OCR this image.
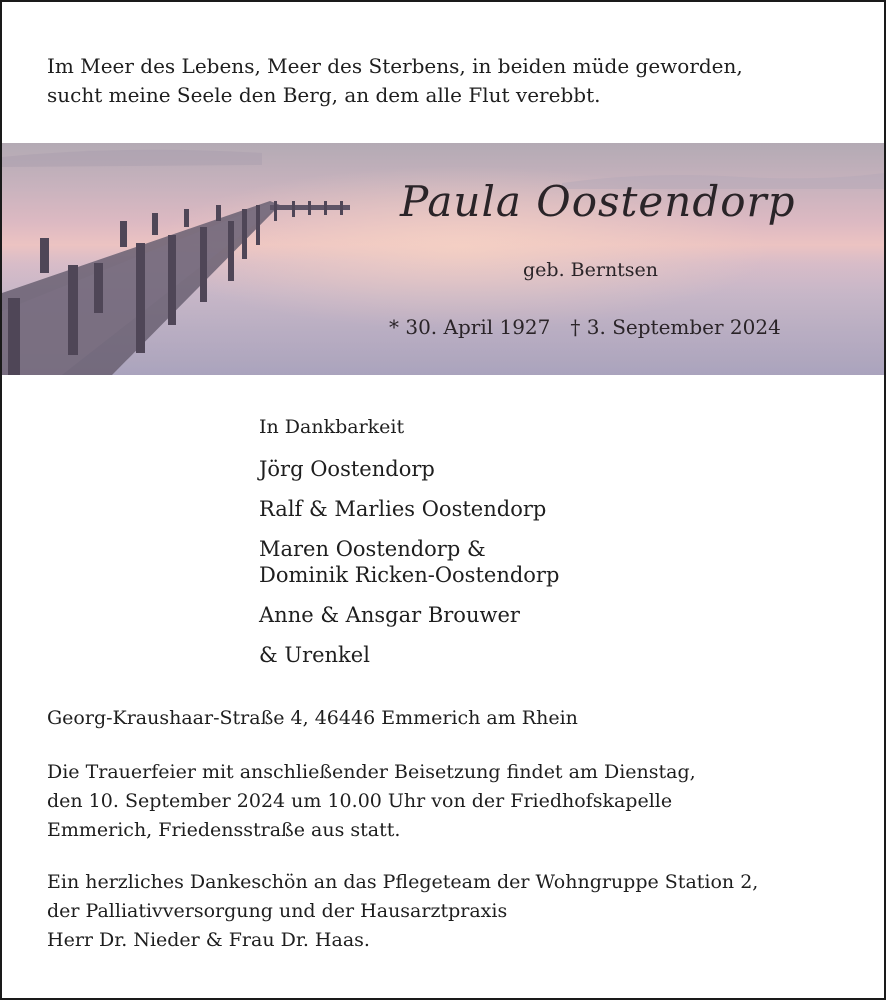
Im Meer des Lebens, Meer des Sterbens, in beiden müde geworden,
sucht meine Seele den Berg, an dem alle Flut verebbt.

Paula Oostendorp
geb. Berntsen
* 30. April 1927 † 3. September 2024
In Dankbarkeit
Jörg Oostendorp
Ralf & Marlies Oostendorp
Maren Oostendorp &
Dominik Ricken-Oostendorp
Anne & Ansgar Brouwer
& Urenkel
Georg-Kraushaar-Straße 4, 46446 Emmerich am Rhein
Die Trauerfeier mit anschließender Beisetzung findet am Dienstag,
den 10. September 2024 um 10.00 Uhr von der Friedhofskapelle
Emmerich, Friedensstraße aus statt.
Ein herzliches Dankeschön an das Pflegeteam der Wohngruppe Station 2,
der Palliativversorgung und der Hausarztpraxis
Herr Dr. Nieder & Frau Dr. Haas.
